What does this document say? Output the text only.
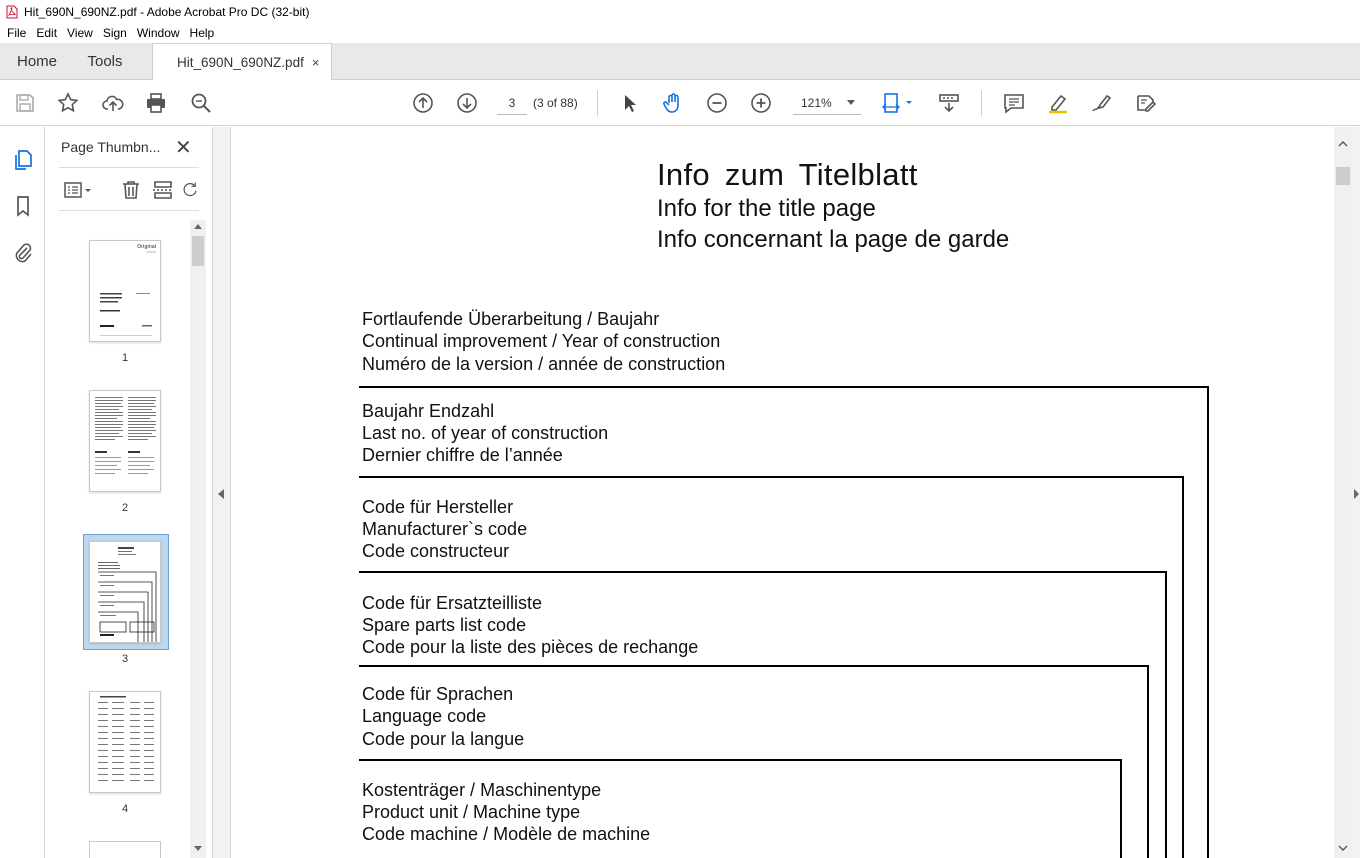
Hit_690N_690NZ.pdf - Adobe Acrobat Pro DC (32-bit)
File Edit View Sign Window Help
Home	Tools	Hit_690N_690NZ.pdf ×
3
(3 of 88)	121%
Page Thumbn... ✕
Original
1
2
3
4
Info zum Titelblatt
Info for the title page
Info concernant la page de garde
Fortlaufende Überarbeitung / Baujahr
Continual improvement / Year of construction
Numéro de la version / année de construction
Baujahr Endzahl
Last no. of year of construction
Dernier chiffre de l’année
Code für Hersteller
Manufacturer`s code
Code constructeur
Code für Ersatzteilliste
Spare parts list code
Code pour la liste des pièces de rechange
Code für Sprachen
Language code
Code pour la langue
Kostenträger / Maschinentype
Product unit / Machine type
Code machine / Modèle de machine
